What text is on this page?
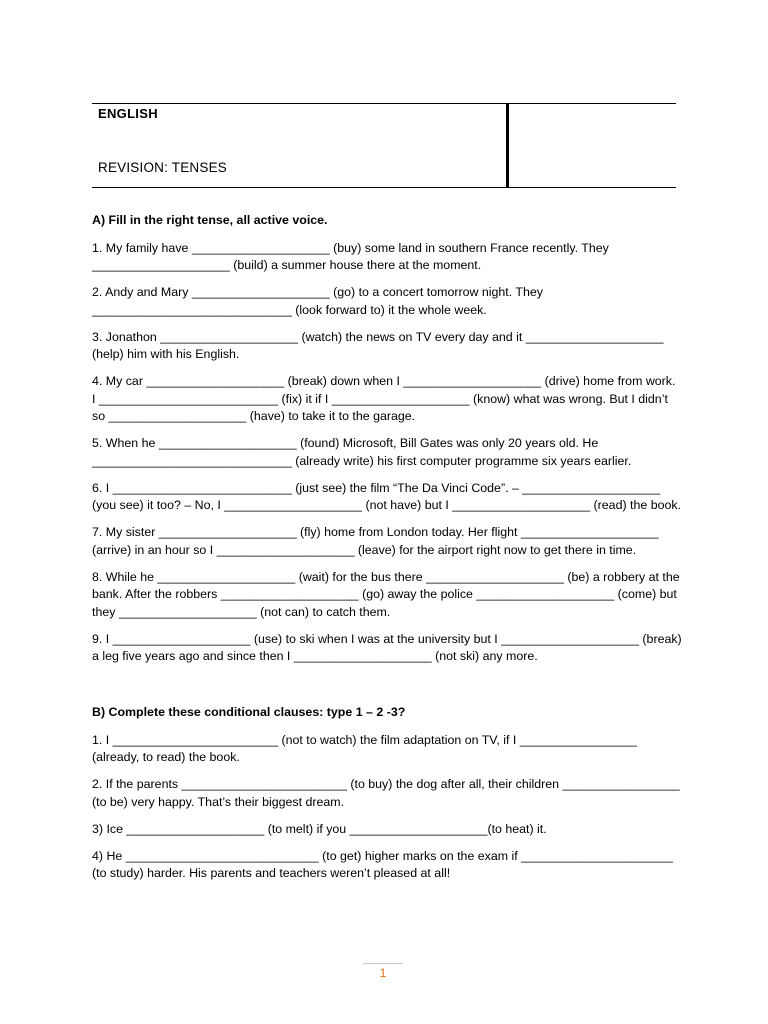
ENGLISH
REVISION: TENSES
A) Fill in the right tense, all active voice.
1. My family have ____________________ (buy) some land in southern France recently. They ____________________ (build) a summer house there at the moment.
2. Andy and Mary ____________________ (go) to a concert tomorrow night. They _____________________________ (look forward to) it the whole week.
3. Jonathon ____________________ (watch) the news on TV every day and it ____________________ (help) him with his English.
4. My car ____________________ (break) down when I ____________________ (drive) home from work. I __________________________ (fix) it if I ____________________ (know) what was wrong. But I didn’t so ____________________ (have) to take it to the garage.
5. When he ____________________ (found) Microsoft, Bill Gates was only 20 years old. He _____________________________ (already write) his first computer programme six years earlier.
6. I __________________________ (just see) the film “The Da Vinci Code”. – ____________________ (you see) it too? – No, I ____________________ (not have) but I ____________________ (read) the book.
7. My sister ____________________ (fly) home from London today. Her flight ____________________ (arrive) in an hour so I ____________________ (leave) for the airport right now to get there in time.
8. While he ____________________ (wait) for the bus there ____________________ (be) a robbery at the bank. After the robbers ____________________ (go) away the police ____________________ (come) but they ____________________ (not can) to catch them.
9. I ____________________ (use) to ski when I was at the university but I ____________________ (break) a leg five years ago and since then I ____________________ (not ski) any more.
B) Complete these conditional clauses: type 1 – 2 -3?
1. I ________________________ (not to watch) the film adaptation on TV, if I _________________ (already, to read) the book.
2. If the parents ________________________ (to buy) the dog after all, their children _________________ (to be) very happy. That’s their biggest dream.
3) Ice ____________________ (to melt) if you ____________________(to heat) it.
4) He ____________________________ (to get) higher marks on the exam if ______________________ (to study) harder. His parents and teachers weren’t pleased at all!
1
